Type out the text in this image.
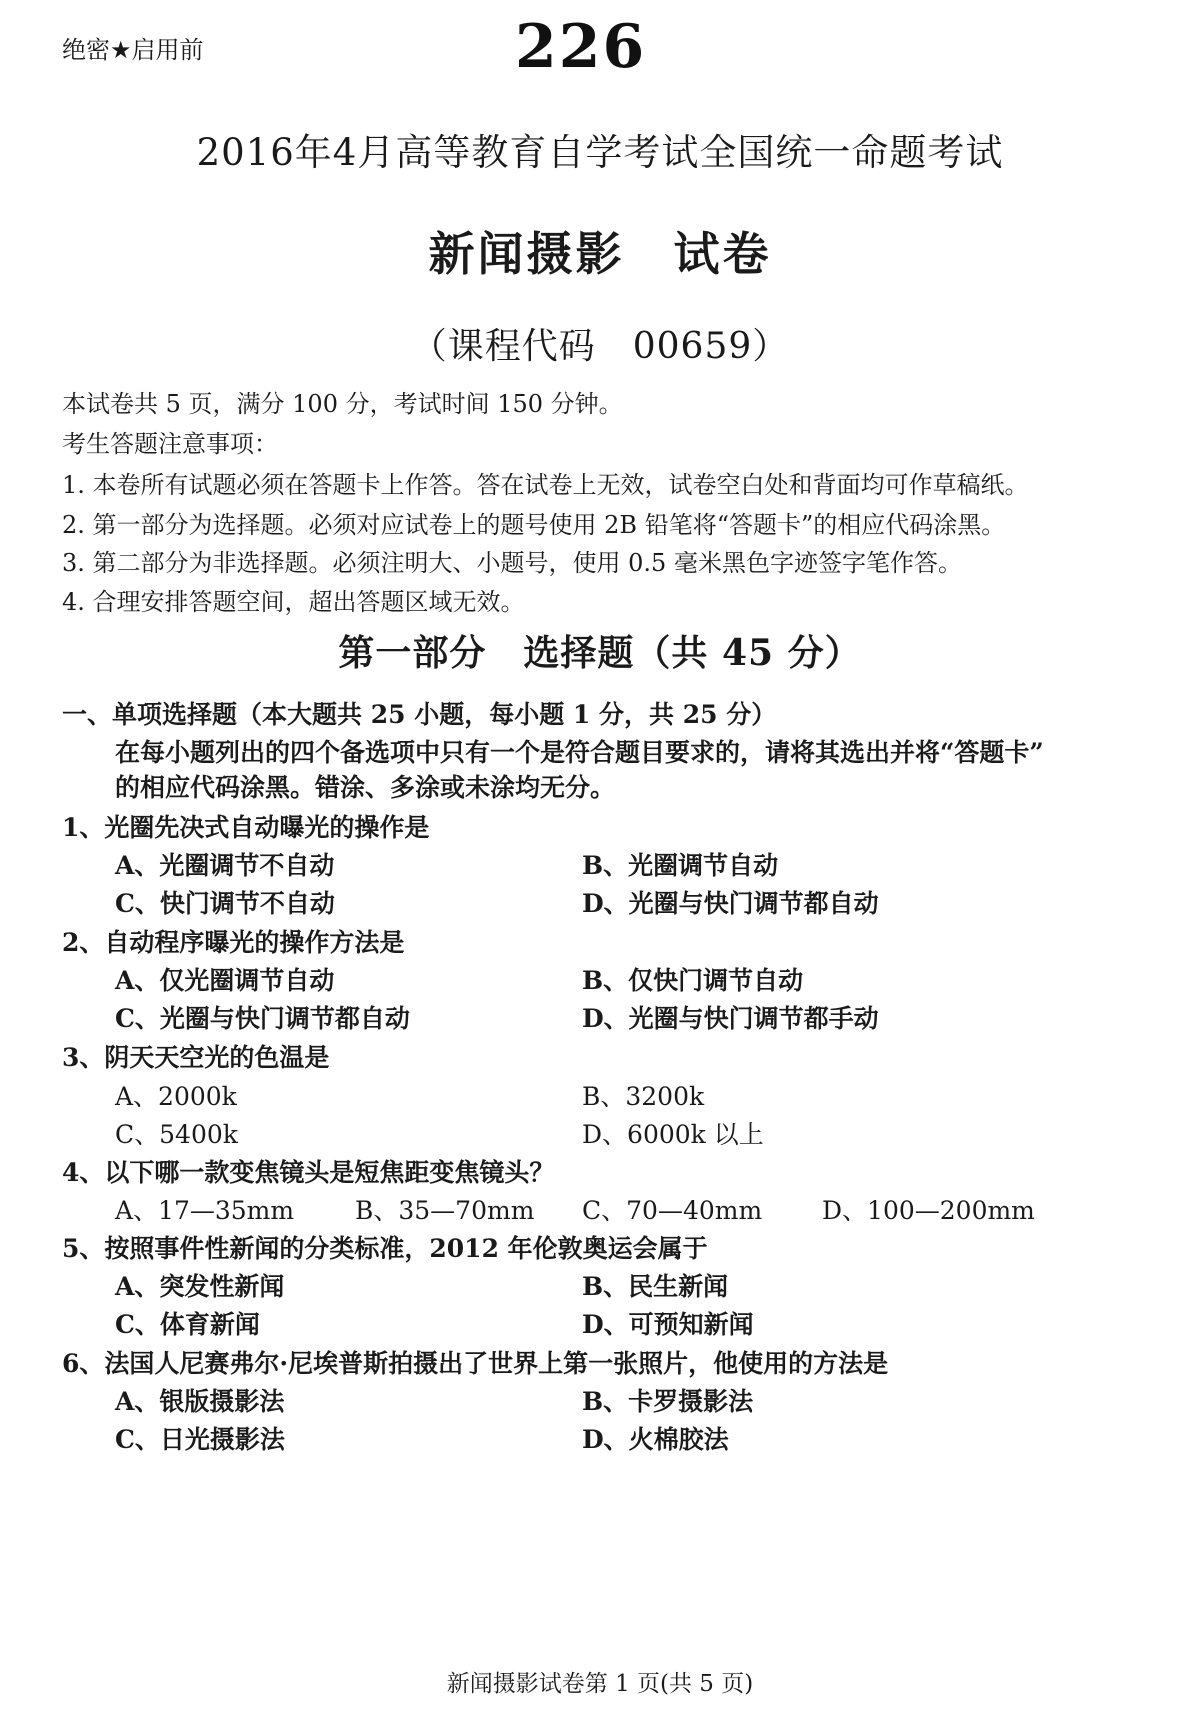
绝密★启用前	226
2016年4月高等教育自学考试全国统一命题考试
新闻摄影　试卷
（课程代码　00659）
本试卷共 5 页，满分 100 分，考试时间 150 分钟。
考生答题注意事项：
1. 本卷所有试题必须在答题卡上作答。答在试卷上无效，试卷空白处和背面均可作草稿纸。
2. 第一部分为选择题。必须对应试卷上的题号使用 2B 铅笔将“答题卡”的相应代码涂黑。
3. 第二部分为非选择题。必须注明大、小题号，使用 0.5 毫米黑色字迹签字笔作答。
4. 合理安排答题空间，超出答题区域无效。
第一部分　选择题（共 45 分）
一、单项选择题（本大题共 25 小题，每小题 1 分，共 25 分）
在每小题列出的四个备选项中只有一个是符合题目要求的，请将其选出并将“答题卡”
的相应代码涂黑。错涂、多涂或未涂均无分。
1、光圈先决式自动曝光的操作是
A、光圈调节不自动	B、光圈调节自动
C、快门调节不自动	D、光圈与快门调节都自动
2、自动程序曝光的操作方法是
A、仅光圈调节自动	B、仅快门调节自动
C、光圈与快门调节都自动	D、光圈与快门调节都手动
3、阴天天空光的色温是
A、2000k	B、3200k
C、5400k	D、6000k 以上
4、以下哪一款变焦镜头是短焦距变焦镜头？
A、17—35mm B、35—70mm C、70—40mm D、100—200mm
5、按照事件性新闻的分类标准，2012 年伦敦奥运会属于
A、突发性新闻	B、民生新闻
C、体育新闻	D、可预知新闻
6、法国人尼赛弗尔·尼埃普斯拍摄出了世界上第一张照片，他使用的方法是
A、银版摄影法	B、卡罗摄影法
C、日光摄影法	D、火棉胶法
新闻摄影试卷第 1 页(共 5 页)
